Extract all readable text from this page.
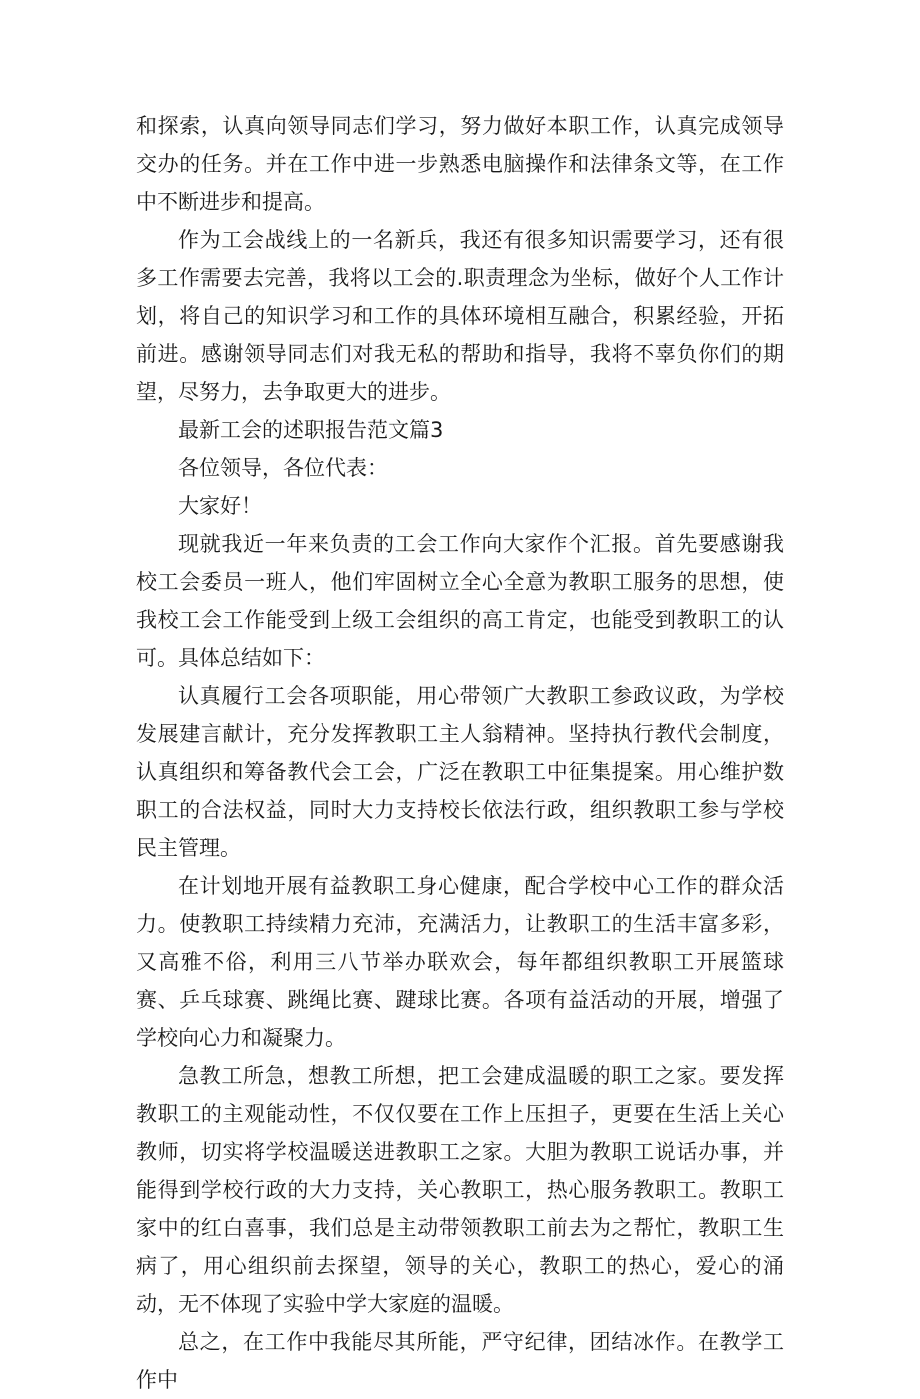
和探索，认真向领导同志们学习，努力做好本职工作，认真完成领导交办的任务。并在工作中进一步熟悉电脑操作和法律条文等，在工作中不断进步和提高。

作为工会战线上的一名新兵，我还有很多知识需要学习，还有很多工作需要去完善，我将以工会的.职责理念为坐标，做好个人工作计划，将自己的知识学习和工作的具体环境相互融合，积累经验，开拓前进。感谢领导同志们对我无私的帮助和指导，我将不辜负你们的期望，尽努力，去争取更大的进步。

最新工会的述职报告范文篇3

各位领导，各位代表：

大家好！

现就我近一年来负责的工会工作向大家作个汇报。首先要感谢我校工会委员一班人，他们牢固树立全心全意为教职工服务的思想，使我校工会工作能受到上级工会组织的高工肯定，也能受到教职工的认可。具体总结如下：

认真履行工会各项职能，用心带领广大教职工参政议政，为学校发展建言献计，充分发挥教职工主人翁精神。坚持执行教代会制度，认真组织和筹备教代会工会，广泛在教职工中征集提案。用心维护数职工的合法权益，同时大力支持校长依法行政，组织教职工参与学校民主管理。

在计划地开展有益教职工身心健康，配合学校中心工作的群众活力。使教职工持续精力充沛，充满活力，让教职工的生活丰富多彩，又高雅不俗，利用三八节举办联欢会，每年都组织教职工开展篮球赛、乒乓球赛、跳绳比赛、踺球比赛。各项有益活动的开展，增强了学校向心力和凝聚力。

急教工所急，想教工所想，把工会建成温暖的职工之家。要发挥教职工的主观能动性，不仅仅要在工作上压担子，更要在生活上关心教师，切实将学校温暖送进教职工之家。大胆为教职工说话办事，并能得到学校行政的大力支持，关心教职工，热心服务教职工。教职工家中的红白喜事，我们总是主动带领教职工前去为之帮忙，教职工生病了，用心组织前去探望，领导的关心，教职工的热心，爱心的涌动，无不体现了实验中学大家庭的温暖。

总之，在工作中我能尽其所能，严守纪律，团结冰作。在教学工作中
